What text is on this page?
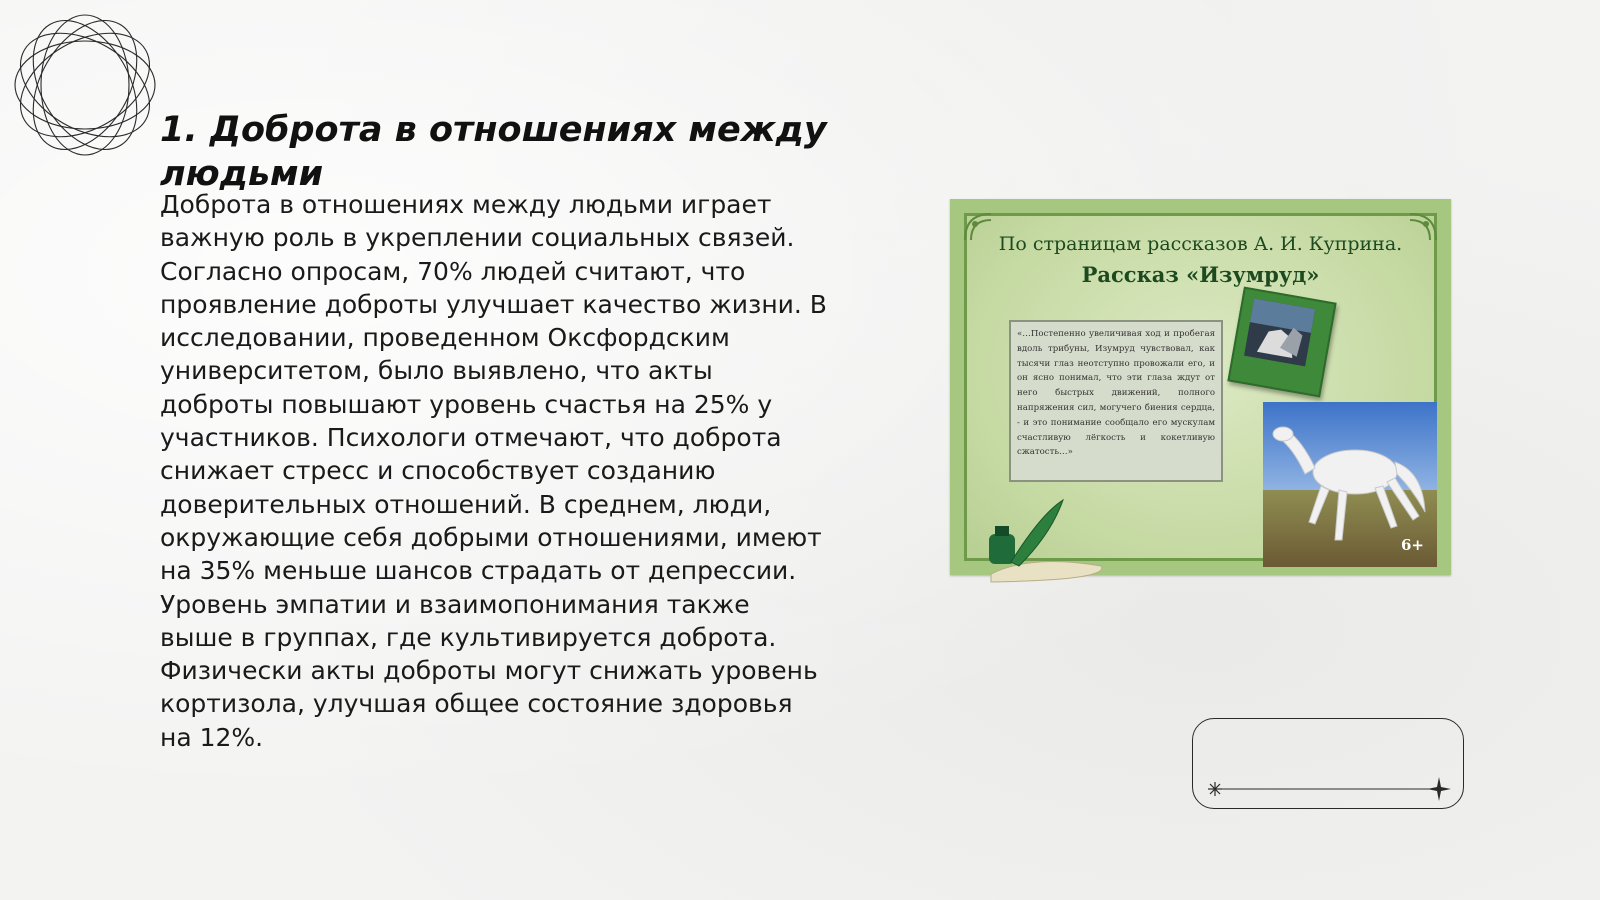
1. Доброта в отношениях между людьми

Доброта в отношениях между людьми играет важную роль в укреплении социальных связей. Согласно опросам, 70% людей считают, что проявление доброты улучшает качество жизни. В исследовании, проведенном Оксфордским университетом, было выявлено, что акты доброты повышают уровень счастья на 25% у участников. Психологи отмечают, что доброта снижает стресс и способствует созданию доверительных отношений. В среднем, люди, окружающие себя добрыми отношениями, имеют на 35% меньше шансов страдать от депрессии. Уровень эмпатии и взаимопонимания также выше в группах, где культивируется доброта. Физически акты доброты могут снижать уровень кортизола, улучшая общее состояние здоровья на 12%.

По страницам рассказов А. И. Куприна.
Рассказ «Изумруд»

«…Постепенно увеличивая ход и пробегая вдоль трибуны, Изумруд чувствовал, как тысячи глаз неотступно провожали его, и он ясно понимал, что эти глаза ждут от него быстрых движений, полного напряжения сил, могучего биения сердца, - и это понимание сообщало его мускулам счастливую лёгкость и кокетливую сжатость…»

6+
